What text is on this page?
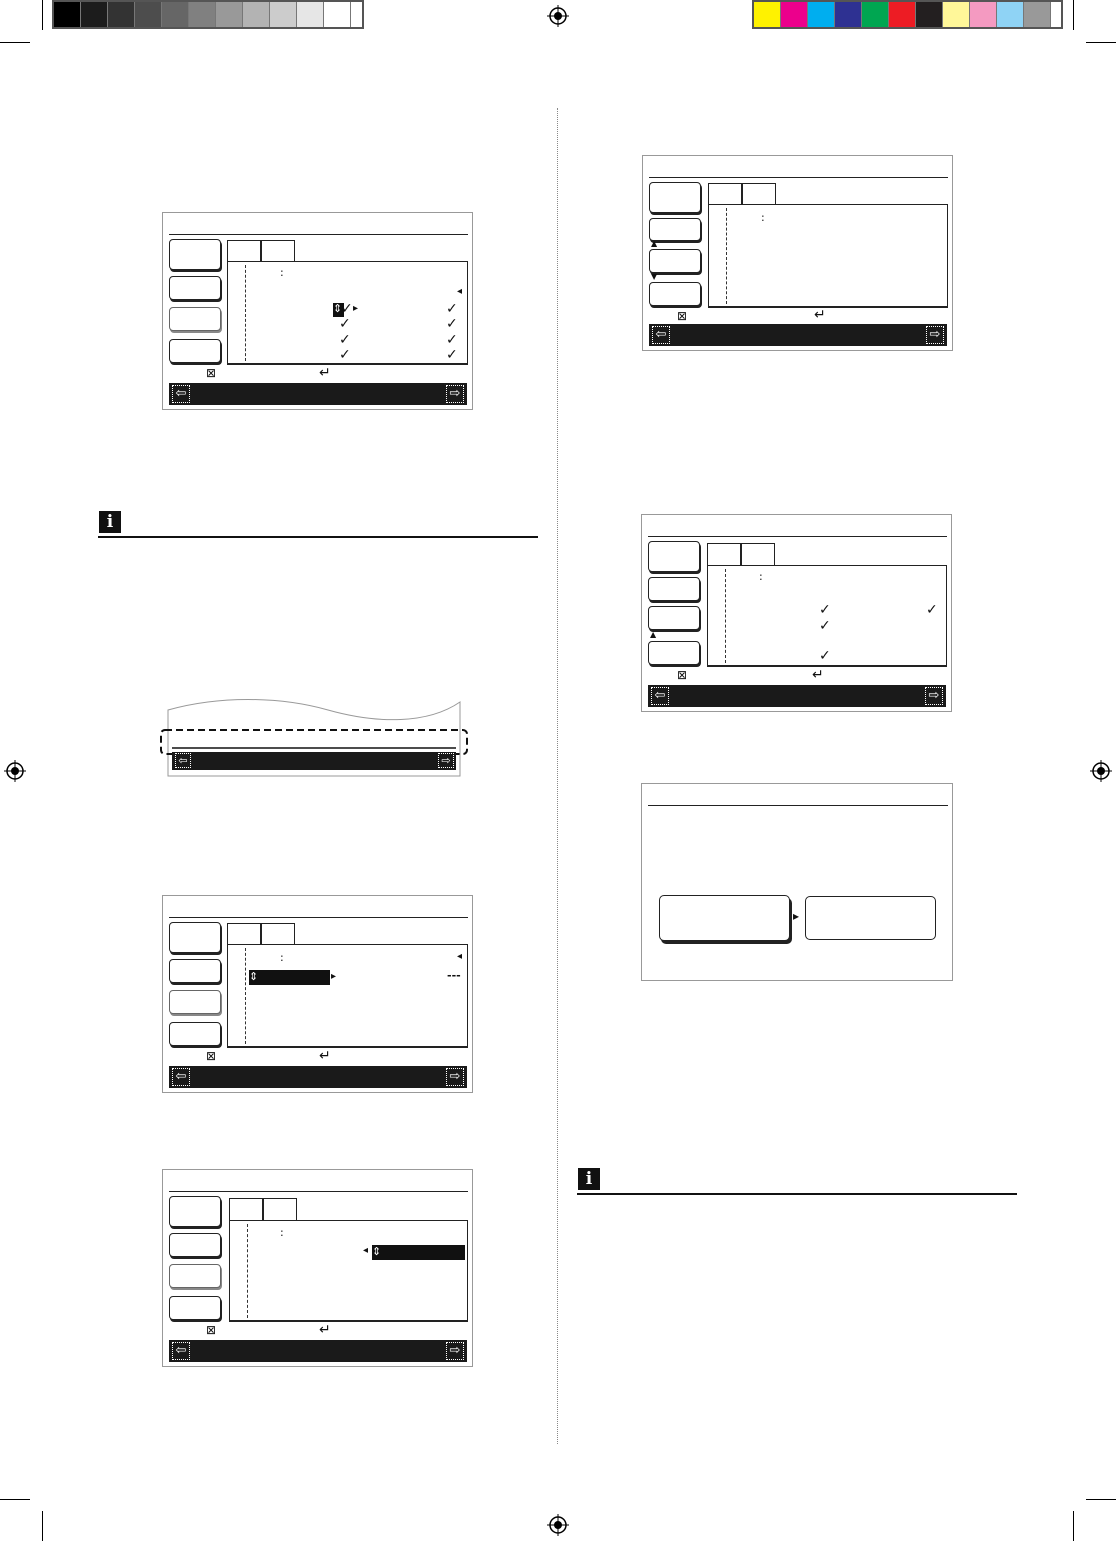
:
◂
⇕
✓ ▸	✓
✓	✓
✓	✓
✓	✓
⊠	↵
⇦	⇨
i
⇦	⇨
:	◂
⇕	▸	---
⊠	↵
⇦	⇨
:
◂ ⇕
⊠	↵
⇦	⇨
▲
▼
:
⊠	↵
⇦	⇨
▲
:
✓	✓
✓
✓
⊠	↵
⇦	⇨
▸
i
